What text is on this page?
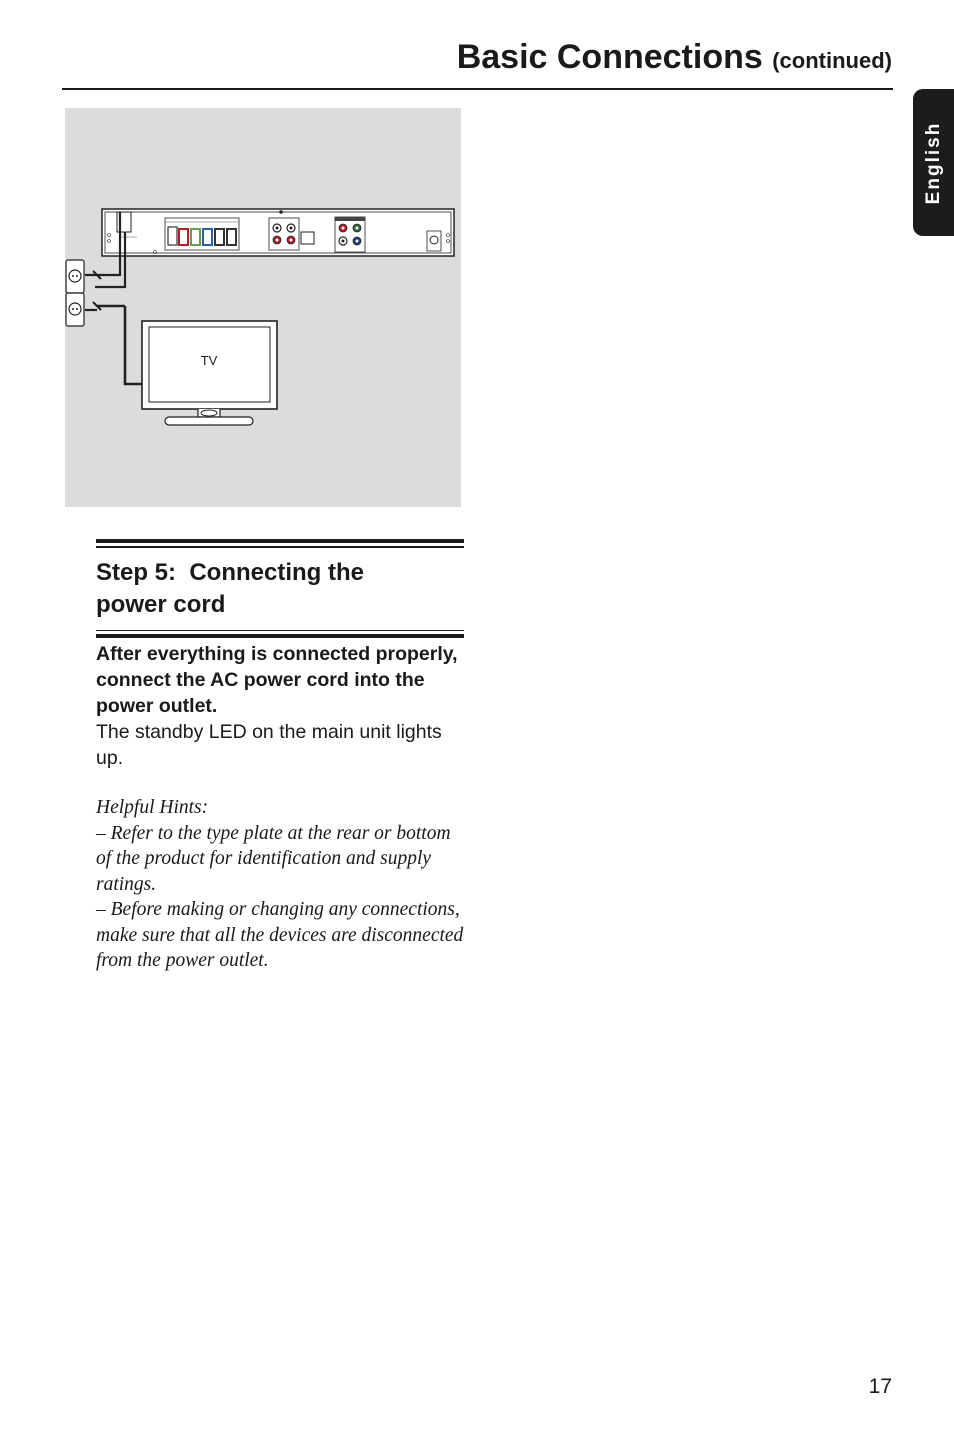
Basic Connections (continued)
English
TV
Step 5:  Connecting the
power cord

After everything is connected properly, connect the AC power cord into the power outlet.

The standby LED on the main unit lights up.

Helpful Hints:

– Refer to the type plate at the rear or bottom of the product for identification and supply ratings.

– Before making or changing any connections, make sure that all the devices are disconnected from the power outlet.

17
